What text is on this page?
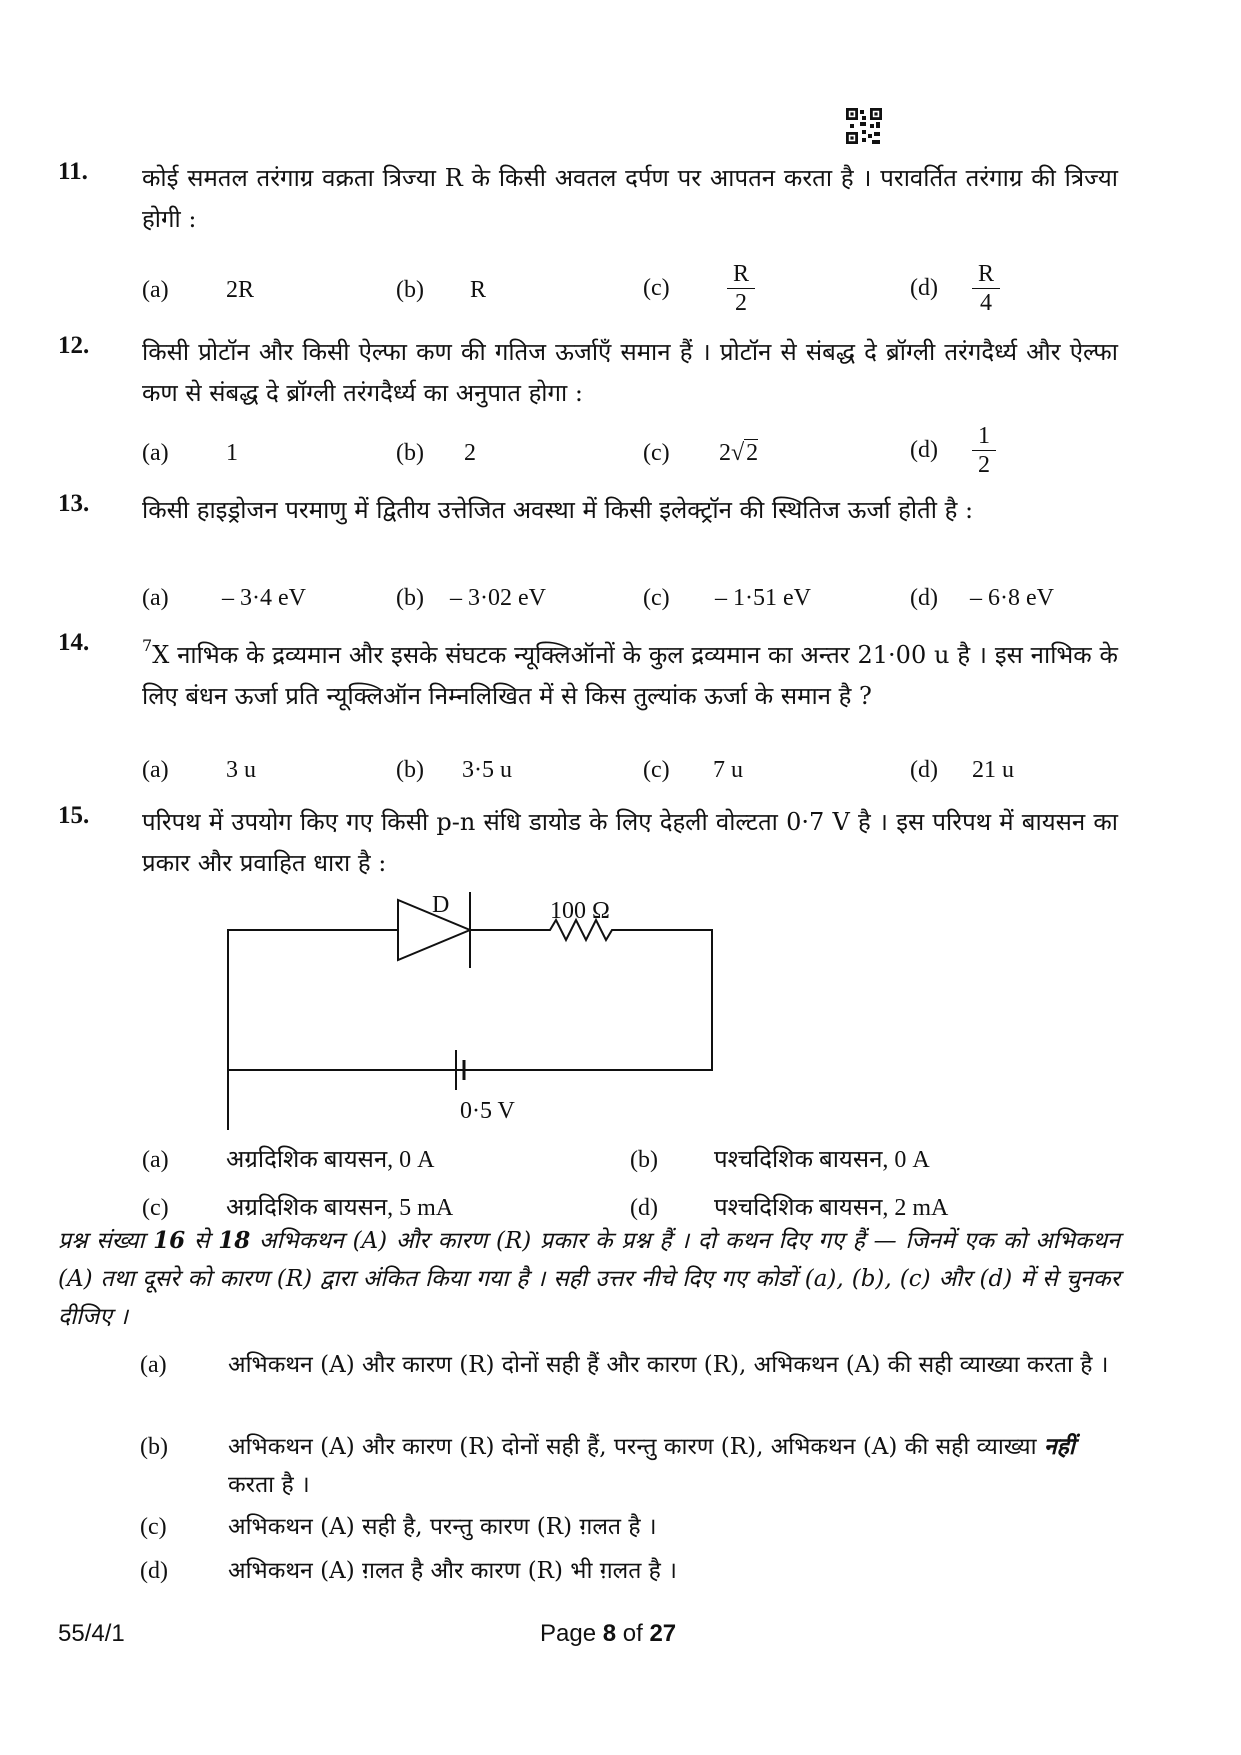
11. कोई समतल तरंगाग्र वक्रता त्रिज्या R के किसी अवतल दर्पण पर आपतन करता है । परावर्तित तरंगाग्र की त्रिज्या होगी :
(a) 2R	(b) R	$(c) \frac{R}{2}$	$(d) \frac{R}{4}$
12. किसी प्रोटॉन और किसी ऐल्फा कण की गतिज ऊर्जाएँ समान हैं । प्रोटॉन से संबद्ध दे ब्रॉग्ली तरंगदैर्ध्य और ऐल्फा कण से संबद्ध दे ब्रॉग्ली तरंगदैर्ध्य का अनुपात होगा :
(a) 1	(b) 2	(c) 2√2	$(d) \frac{1}{2}$
13. किसी हाइड्रोजन परमाणु में द्वितीय उत्तेजित अवस्था में किसी इलेक्ट्रॉन की स्थितिज ऊर्जा होती है :
(a) – 3·4 eV	(b) – 3·02 eV	(c) – 1·51 eV	(d) – 6·8 eV
14.	$^7$X नाभिक के द्रव्यमान और इसके संघटक न्यूक्लिऑनों के कुल द्रव्यमान का अन्तर 21·00 u है । इस नाभिक के लिए बंधन ऊर्जा प्रति न्यूक्लिऑन निम्नलिखित में से किस तुल्यांक ऊर्जा के समान है ?
(a) 3 u	(b) 3·5 u	(c) 7 u	(d) 21 u
15. परिपथ में उपयोग किए गए किसी p-n संधि डायोड के लिए देहली वोल्टता 0·7 V है । इस परिपथ में बायसन का प्रकार और प्रवाहित धारा है :
D	100 Ω
0·5 V
(a) अग्रदिशिक बायसन, 0 A	(b) पश्चदिशिक बायसन, 0 A
(c) अग्रदिशिक बायसन, 5 mA	(d) पश्चदिशिक बायसन, 2 mA
प्रश्न संख्या 16 से 18 अभिकथन (A) और कारण (R) प्रकार के प्रश्न हैं । दो कथन दिए गए हैं — जिनमें एक को अभिकथन (A) तथा दूसरे को कारण (R) द्वारा अंकित किया गया है । सही उत्तर नीचे दिए गए कोडों (a), (b), (c) और (d) में से चुनकर दीजिए ।
(a)	अभिकथन (A) और कारण (R) दोनों सही हैं और कारण (R), अभिकथन (A) की सही व्याख्या करता है ।
(b)	अभिकथन (A) और कारण (R) दोनों सही हैं, परन्तु कारण (R), अभिकथन (A) की सही व्याख्या नहीं करता है ।
(c)	अभिकथन (A) सही है, परन्तु कारण (R) ग़लत है ।
(d)	अभिकथन (A) ग़लत है और कारण (R) भी ग़लत है ।
55/4/1	Page 8 of 27
